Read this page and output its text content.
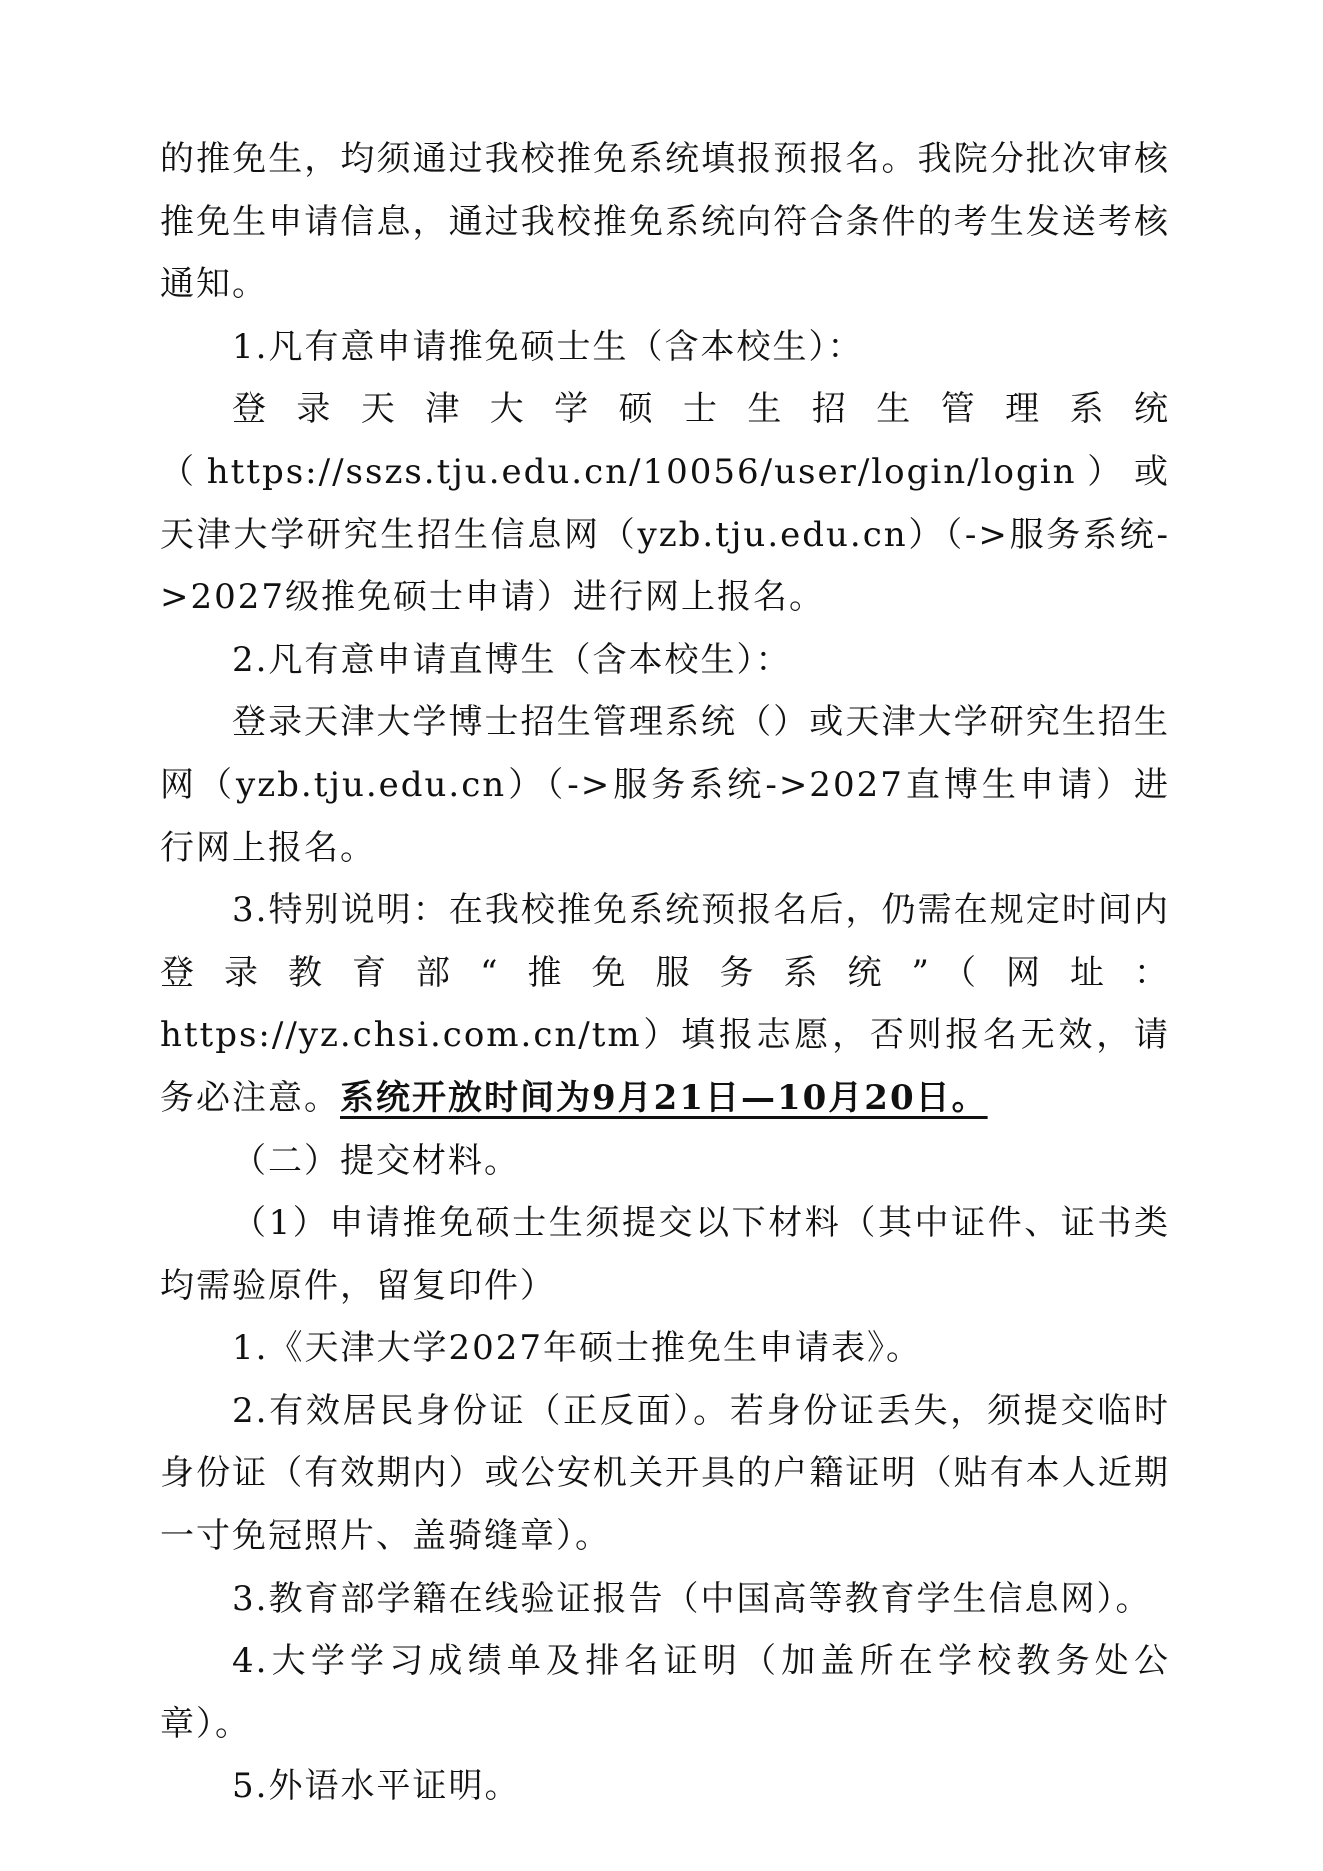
的推免生，均须通过我校推免系统填报预报名。我院分批次审核推免生申请信息，通过我校推免系统向符合条件的考生发送考核通知。

1.凡有意申请推免硕士生（含本校生）：

登录天津大学硕士生招生管理系统

（https://sszs.tju.edu.cn/10056/user/login/login）或天津大学研究生招生信息网（yzb.tju.edu.cn）（->服务系统->2027级推免硕士申请）进行网上报名。

2.凡有意申请直博生（含本校生）：

登录天津大学博士招生管理系统（）或天津大学研究生招生网（yzb.tju.edu.cn）（->服务系统->2027直博生申请）进行网上报名。

3.特别说明：在我校推免系统预报名后，仍需在规定时间内登录教育部“推免服务系统”（网址：https://yz.chsi.com.cn/tm）填报志愿，否则报名无效，请务必注意。系统开放时间为9月21日—10月20日。

（二）提交材料。

（1）申请推免硕士生须提交以下材料（其中证件、证书类均需验原件，留复印件）

1.《天津大学2027年硕士推免生申请表》。

2.有效居民身份证（正反面）。若身份证丢失，须提交临时身份证（有效期内）或公安机关开具的户籍证明（贴有本人近期一寸免冠照片、盖骑缝章）。

3.教育部学籍在线验证报告（中国高等教育学生信息网）。

4.大学学习成绩单及排名证明（加盖所在学校教务处公章）。

5.外语水平证明。
